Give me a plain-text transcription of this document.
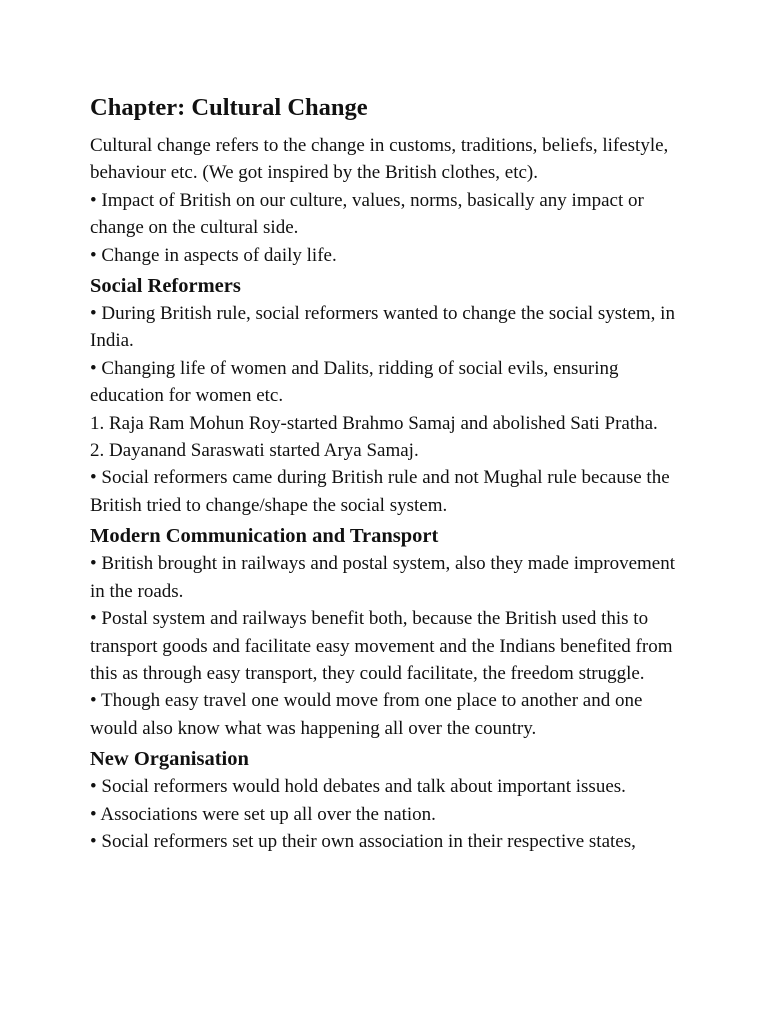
Chapter: Cultural Change

Cultural change refers to the change in customs, traditions, beliefs, lifestyle, behaviour etc. (We got inspired by the British clothes, etc).

• Impact of British on our culture, values, norms, basically any impact or change on the cultural side.

• Change in aspects of daily life.

Social Reformers

• During British rule, social reformers wanted to change the social system, in India.

• Changing life of women and Dalits, ridding of social evils, ensuring education for women etc.

1. Raja Ram Mohun Roy-started Brahmo Samaj and abolished Sati Pratha.

2. Dayanand Saraswati started Arya Samaj.

• Social reformers came during British rule and not Mughal rule because the British tried to change/shape the social system.

Modern Communication and Transport

• British brought in railways and postal system, also they made improvement in the roads.

• Postal system and railways benefit both, because the British used this to transport goods and facilitate easy movement and the Indians benefited from this as through easy transport, they could facilitate, the freedom struggle.

• Though easy travel one would move from one place to another and one would also know what was happening all over the country.

New Organisation

• Social reformers would hold debates and talk about important issues.

• Associations were set up all over the nation.

• Social reformers set up their own association in their respective states,
